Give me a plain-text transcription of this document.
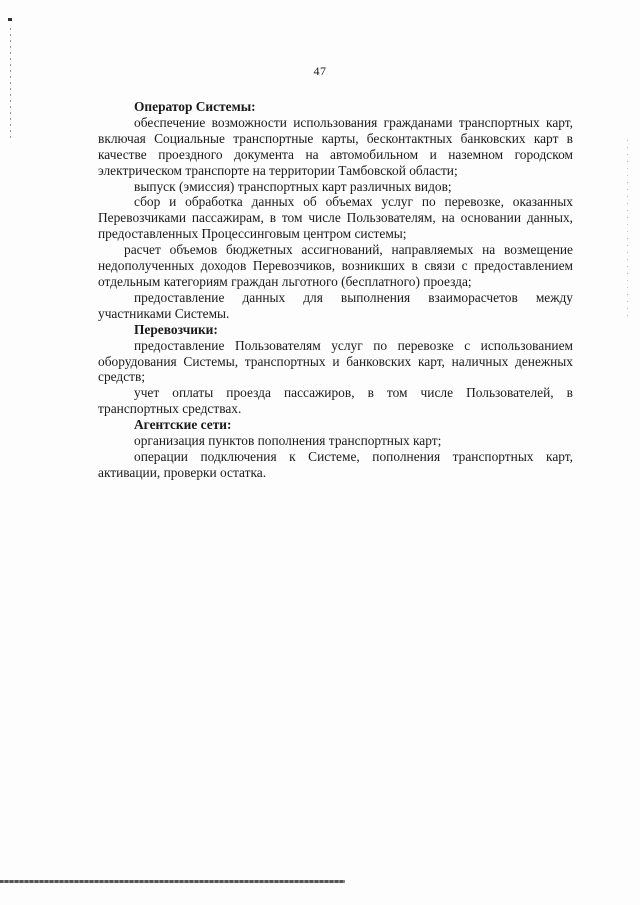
47
Оператор Системы:

обеспечение возможности использования гражданами транспортных карт, включая Социальные транспортные карты, бесконтактных банковских карт в качестве проездного документа на автомобильном и наземном городском электрическом транспорте на территории Тамбовской области;

выпуск (эмиссия) транспортных карт различных видов;

сбор и обработка данных об объемах услуг по перевозке, оказанных Перевозчиками пассажирам, в том числе Пользователям, на основании данных, предоставленных Процессинговым центром системы;

расчет объемов бюджетных ассигнований, направляемых на возмещение недополученных доходов Перевозчиков, возникших в связи с предоставлением отдельным категориям граждан льготного (бесплатного) проезда;

предоставление данных для выполнения взаиморасчетов между участниками Системы.

Перевозчики:

предоставление Пользователям услуг по перевозке с использованием оборудования Системы, транспортных и банковских карт, наличных денежных средств;

учет оплаты проезда пассажиров, в том числе Пользователей, в транспортных средствах.

Агентские сети:

организация пунктов пополнения транспортных карт;

операции подключения к Системе, пополнения транспортных карт, активации, проверки остатка.
